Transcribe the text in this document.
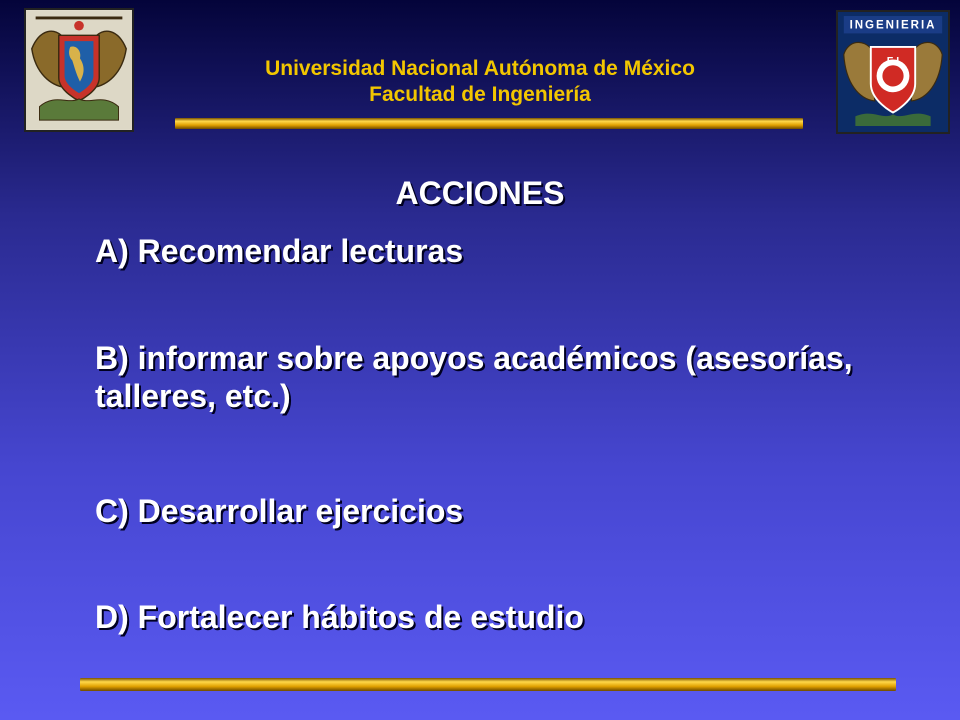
INGENIERIA
F I
Universidad Nacional Autónoma de México
Facultad de Ingeniería
ACCIONES
A) Recomendar lecturas
B) informar sobre apoyos académicos (asesorías, talleres, etc.)
C) Desarrollar ejercicios
D) Fortalecer hábitos de estudio
